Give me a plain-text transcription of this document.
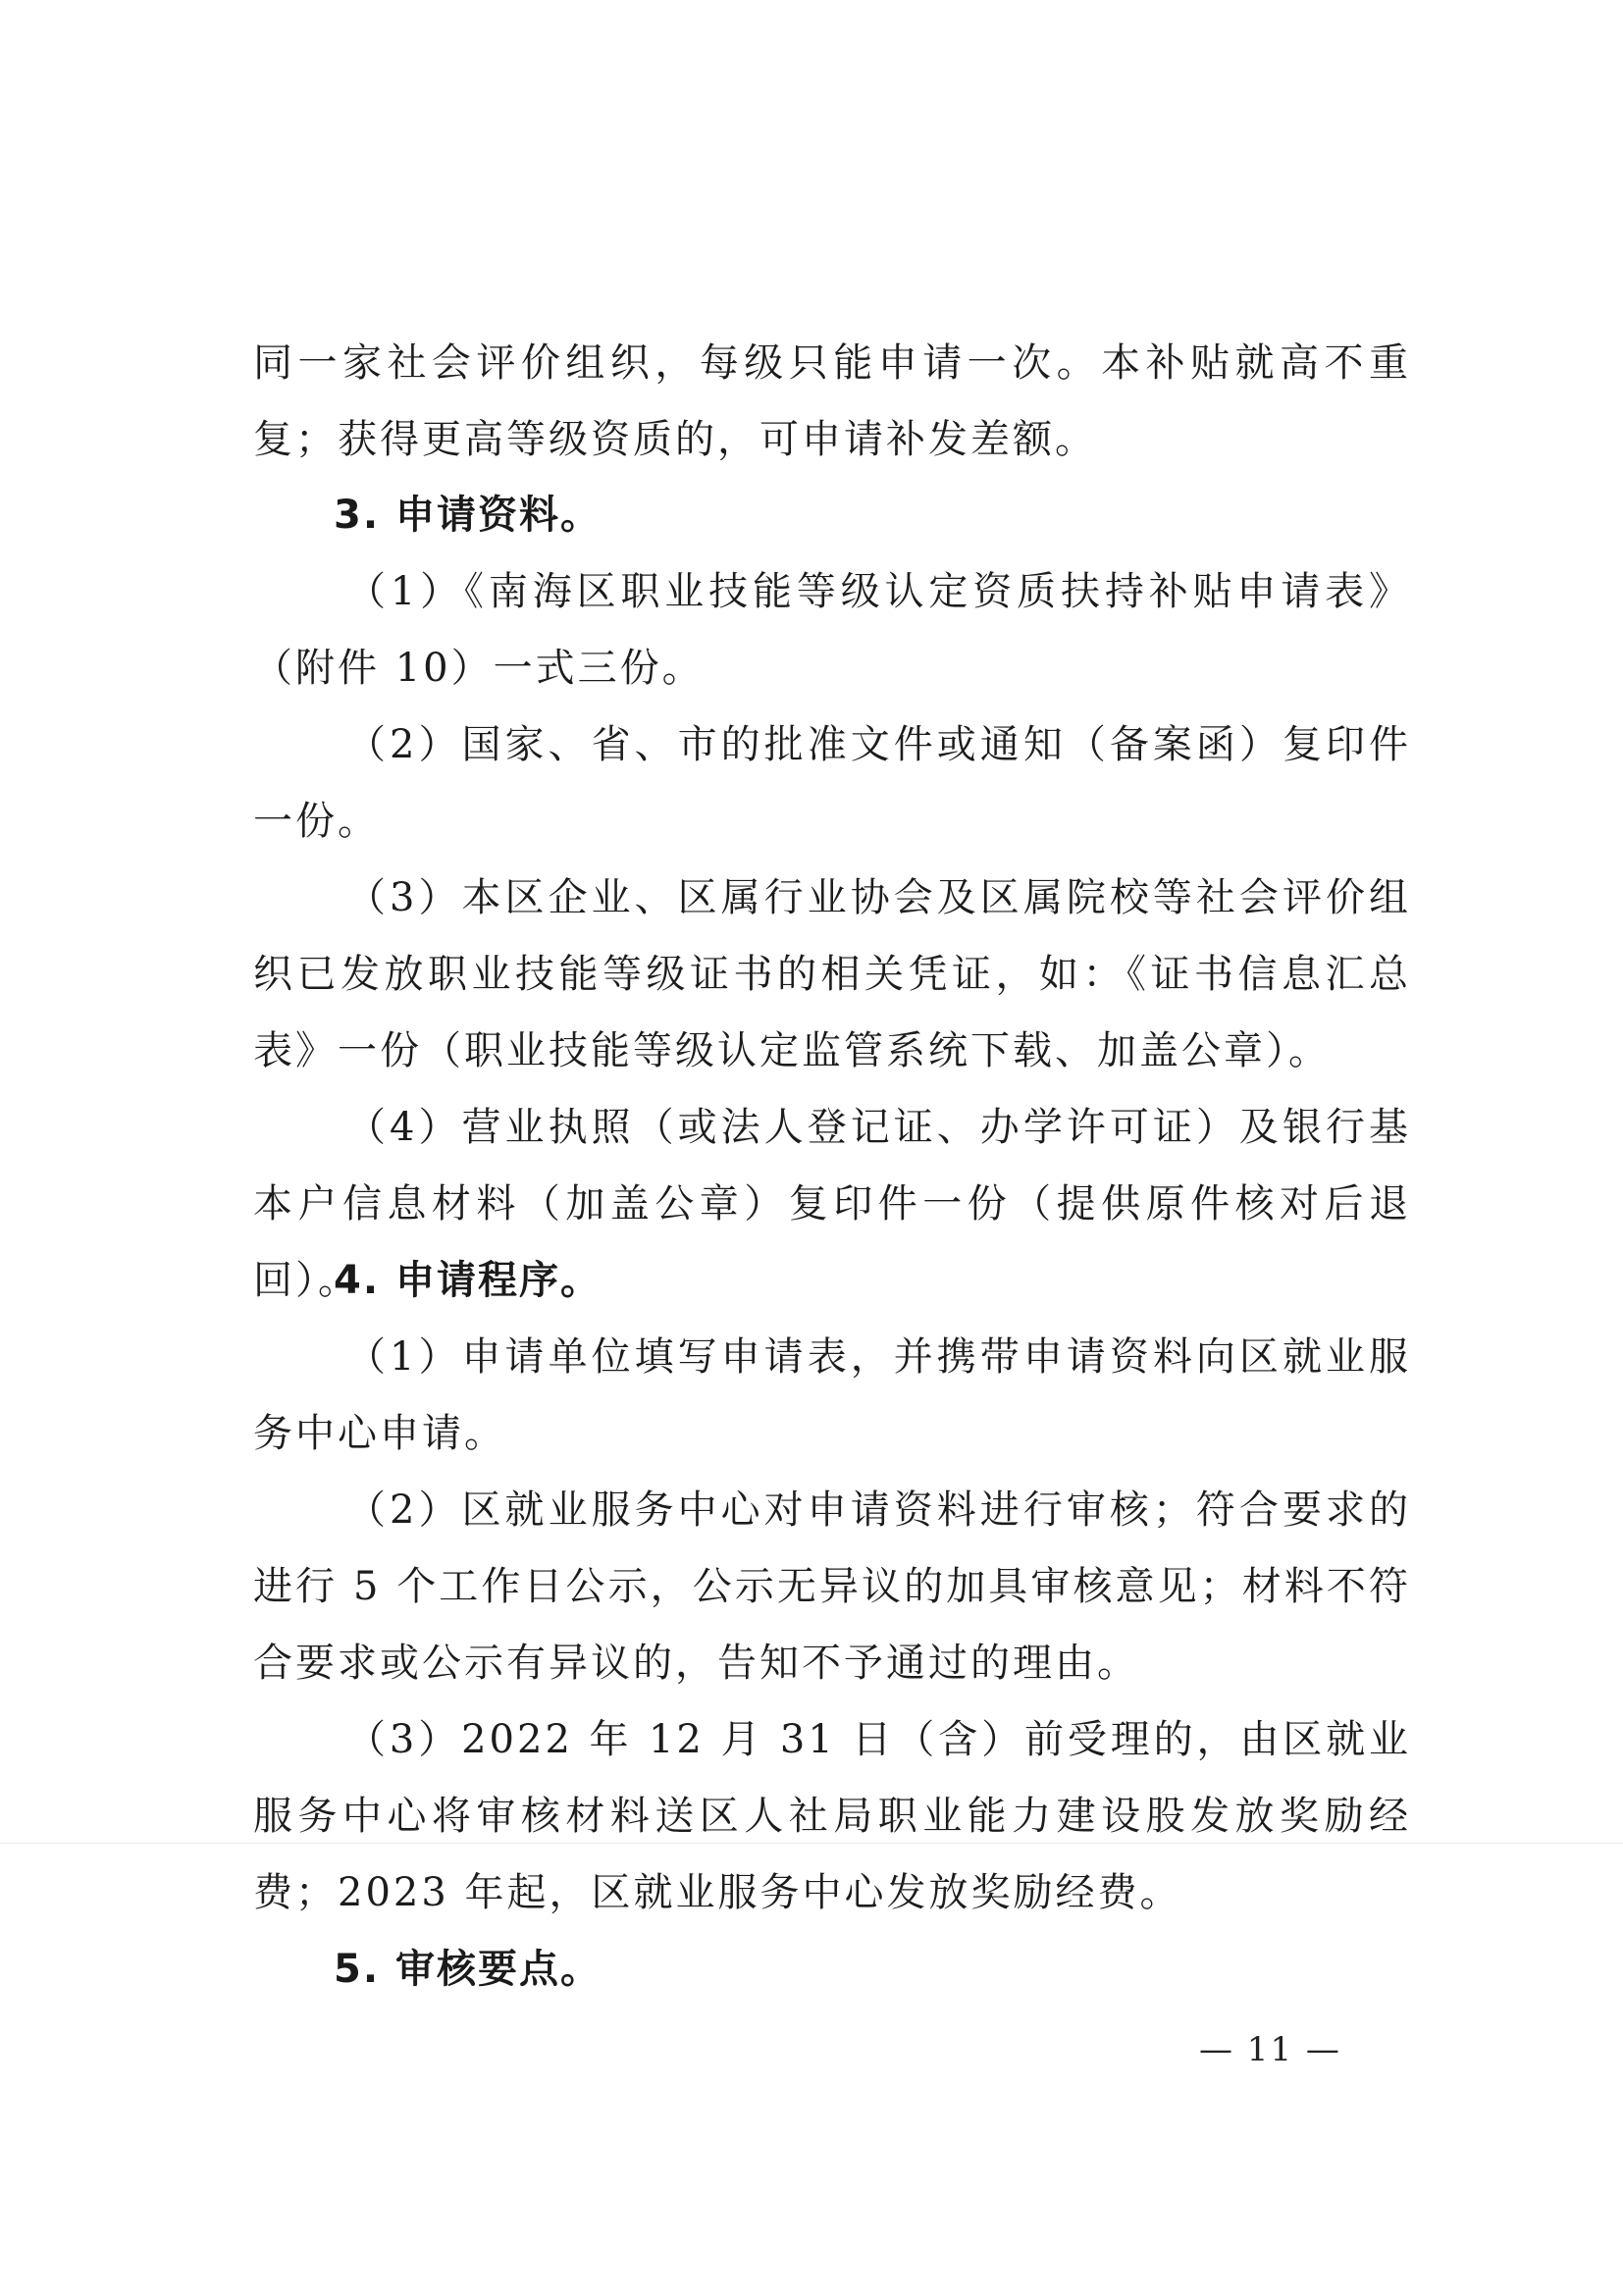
同一家社会评价组织，每级只能申请一次。本补贴就高不重复；获得更高等级资质的，可申请补发差额。

3. 申请资料。

（1）《南海区职业技能等级认定资质扶持补贴申请表》（附件 10）一式三份。

（2）国家、省、市的批准文件或通知（备案函）复印件一份。

（3）本区企业、区属行业协会及区属院校等社会评价组织已发放职业技能等级证书的相关凭证，如：《证书信息汇总表》一份（职业技能等级认定监管系统下载、加盖公章）。

（4）营业执照（或法人登记证、办学许可证）及银行基本户信息材料（加盖公章）复印件一份（提供原件核对后退回）。

4. 申请程序。

（1）申请单位填写申请表，并携带申请资料向区就业服务中心申请。

（2）区就业服务中心对申请资料进行审核；符合要求的进行 5 个工作日公示，公示无异议的加具审核意见；材料不符合要求或公示有异议的，告知不予通过的理由。

（3）2022 年 12 月 31 日（含）前受理的，由区就业服务中心将审核材料送区人社局职业能力建设股发放奖励经费；2023 年起，区就业服务中心发放奖励经费。

5. 审核要点。

— 11 —
